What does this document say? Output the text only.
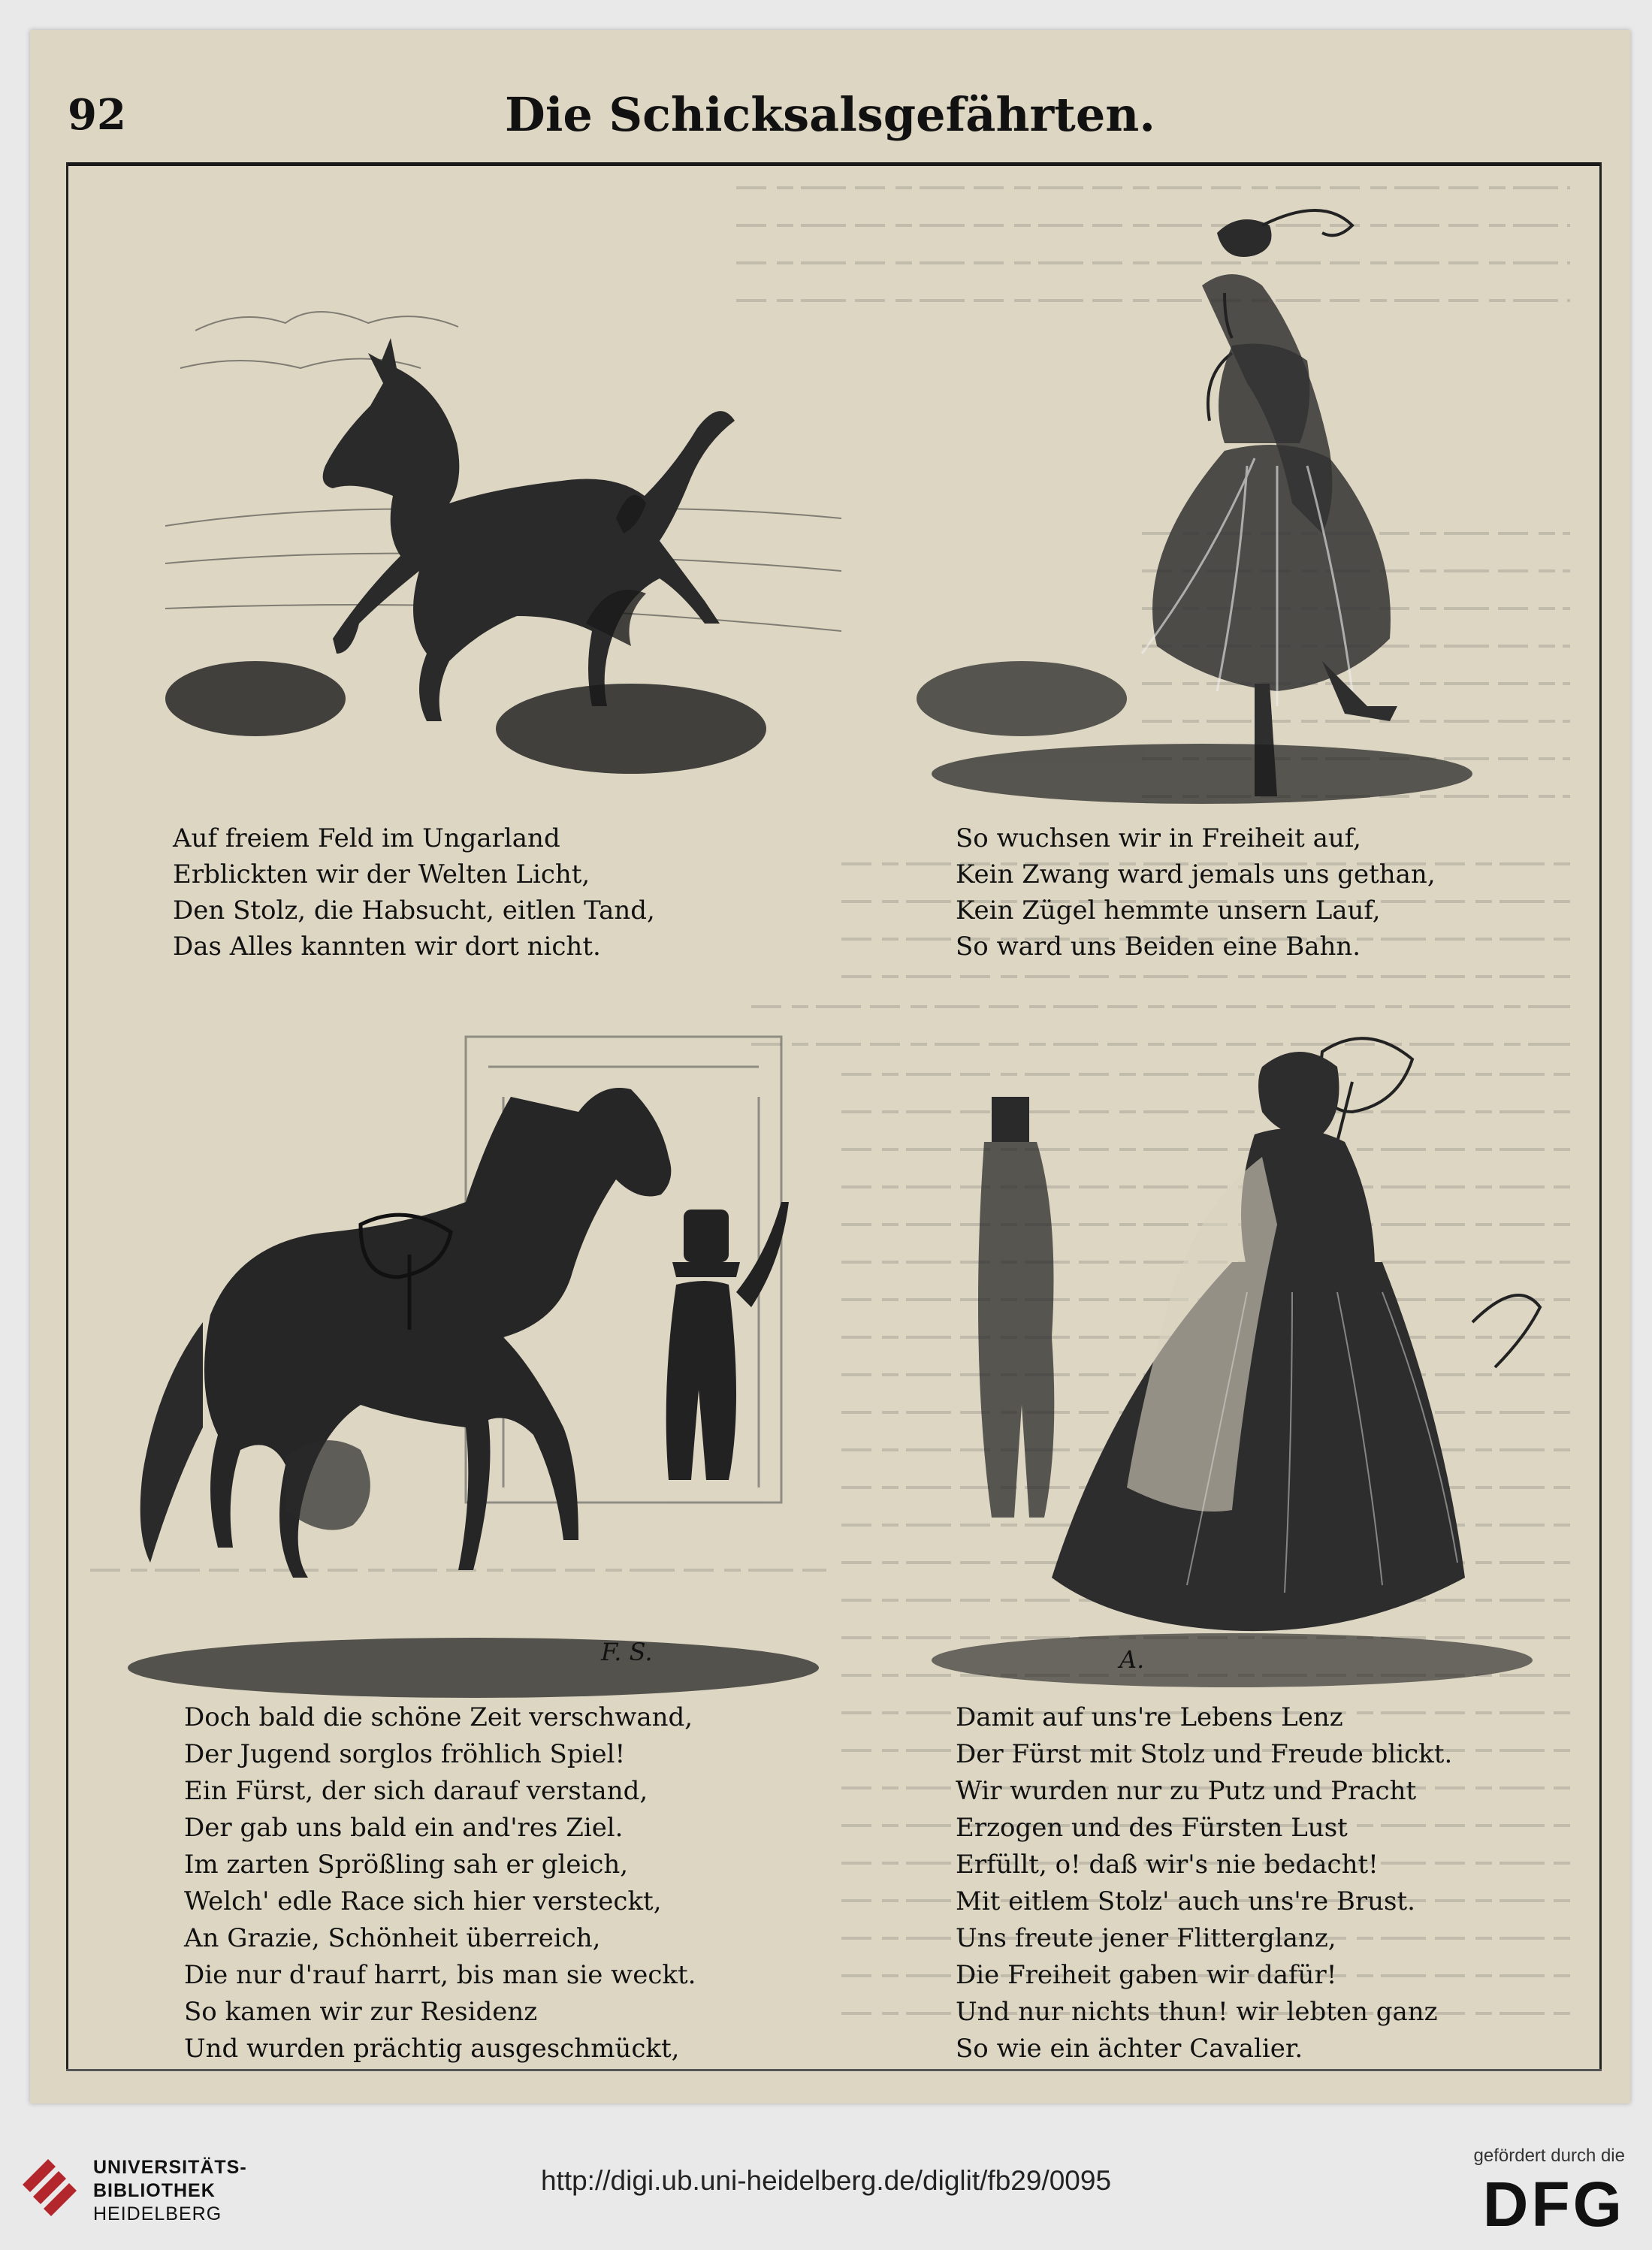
92	Die Schicksalsgefährten.
Auf freiem Feld im Ungarland
Erblickten wir der Welten Licht,
Den Stolz, die Habsucht, eitlen Tand,
Das Alles kannten wir dort nicht.
So wuchsen wir in Freiheit auf,
Kein Zwang ward jemals uns gethan,
Kein Zügel hemmte unsern Lauf,
So ward uns Beiden eine Bahn.
F. S.	A.
Doch bald die schöne Zeit verschwand,
Der Jugend sorglos fröhlich Spiel!
Ein Fürst, der sich darauf verstand,
Der gab uns bald ein and'res Ziel.
Im zarten Sprößling sah er gleich,
Welch' edle Race sich hier versteckt,
An Grazie, Schönheit überreich,
Die nur d'rauf harrt, bis man sie weckt.
So kamen wir zur Residenz
Und wurden prächtig ausgeschmückt,
Damit auf uns're Lebens Lenz
Der Fürst mit Stolz und Freude blickt.
Wir wurden nur zu Putz und Pracht
Erzogen und des Fürsten Lust
Erfüllt, o! daß wir's nie bedacht!
Mit eitlem Stolz' auch uns're Brust.
Uns freute jener Flitterglanz,
Die Freiheit gaben wir dafür!
Und nur nichts thun! wir lebten ganz
So wie ein ächter Cavalier.
UNIVERSITÄTS-
BIBLIOTHEK
HEIDELBERG
http://digi.ub.uni-heidelberg.de/diglit/fb29/0095
gefördert durch die
DFG
